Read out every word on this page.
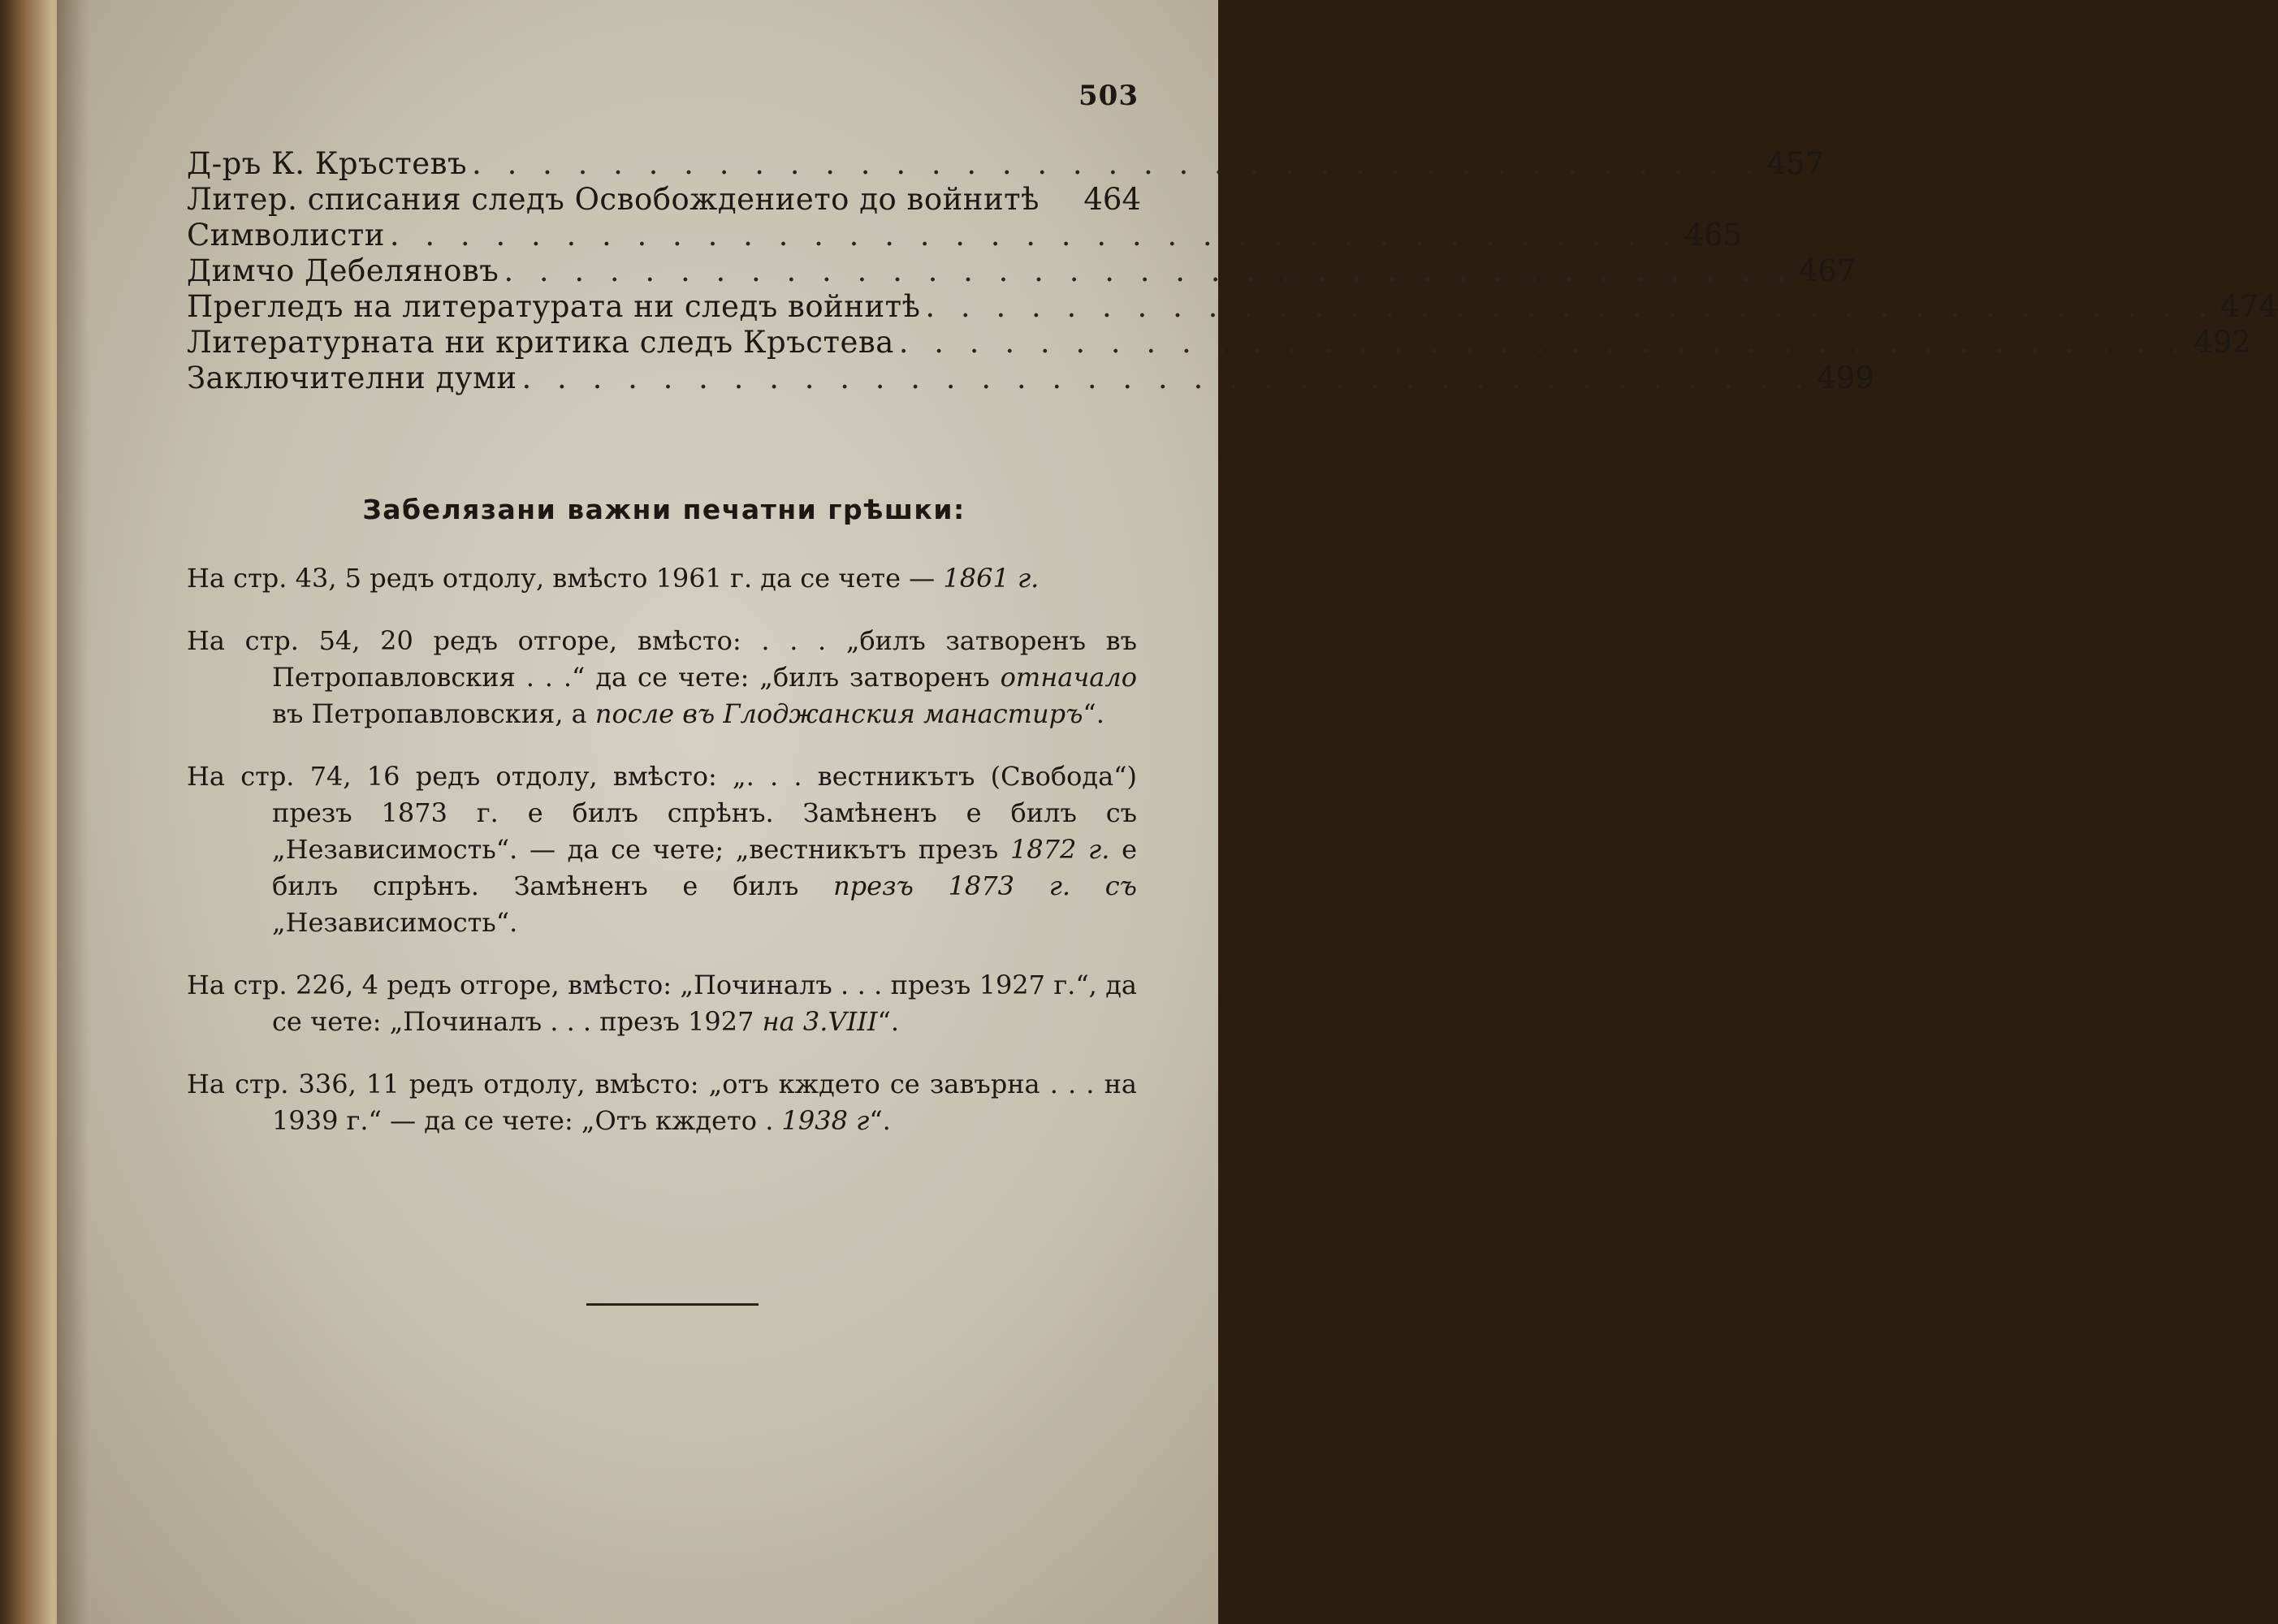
503
Д-ръ К. Кръстевъ . . . . . . . . . . . . . . . . . . . . . . . . . . . . . . . . . . . . . 457
Литер. списания следъ Освобождението до войнитѣ 464
Символисти . . . . . . . . . . . . . . . . . . . . . . . . . . . . . . . . . . . . . 465
Димчо Дебеляновъ . . . . . . . . . . . . . . . . . . . . . . . . . . . . . . . . . . . . . 467
Прегледъ на литературата ни следъ войнитѣ . . . . . . . . . . . . . . . . . . . . . . . . . . . . . . . . . . . . . 474
Литературната ни критика следъ Кръстева . . . . . . . . . . . . . . . . . . . . . . . . . . . . . . . . . . . . . 492
Заключителни думи . . . . . . . . . . . . . . . . . . . . . . . . . . . . . . . . . . . . . 499
Забелязани важни печатни грѣшки:

На стр. 43, 5 редъ отдолу, вмѣсто 1961 г. да се чете — 1861 г.

На стр. 54, 20 редъ отгоре, вмѣсто: . . . „билъ затворенъ въ Петропавловския . . .“ да се чете: „билъ затворенъ отначало въ Петропавловския, а после въ Глоджанския манастиръ“.

На стр. 74, 16 редъ отдолу, вмѣсто: „. . . вестникътъ (Свобода“) презъ 1873 г. е билъ спрѣнъ. Замѣненъ е билъ съ „Независимость“. — да се чете; „вестникътъ презъ 1872 г. е билъ спрѣнъ. Замѣненъ е билъ презъ 1873 г. съ „Независимость“.

На стр. 226, 4 редъ отгоре, вмѣсто: „Починалъ . . . презъ 1927 г.“, да се чете: „Починалъ . . . презъ 1927 на 3.VIII“.

На стр. 336, 11 редъ отдолу, вмѣсто: „отъ кждето се завърна . . . на 1939 г.“ — да се чете: „Отъ кждето . 1938 г“.
